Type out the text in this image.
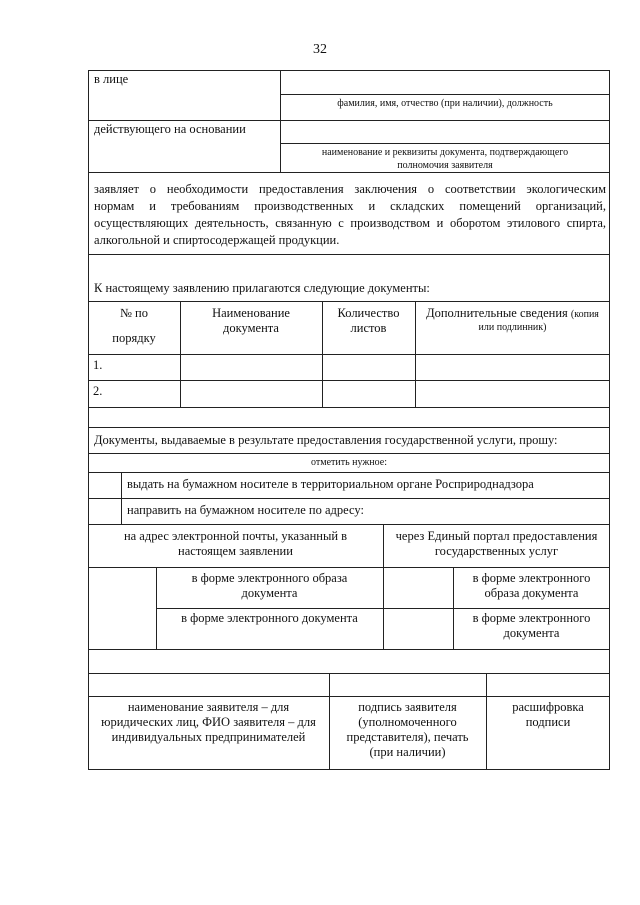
32
в лице
фамилия, имя, отчество (при наличии), должность
действующего на основании
наименование и реквизиты документа, подтверждающего
полномочия заявителя
заявляет о необходимости предоставления заключения о соответствии экологическим
нормам и требованиям производственных и складских помещений организаций,
осуществляющих деятельность, связанную с производством и оборотом этилового спирта,
алкогольной и спиртосодержащей продукции.
К настоящему заявлению прилагаются следующие документы:
№ по
порядку
Наименование
документа
Количество
листов
Дополнительные сведения (копия
или подлинник)
1.
2.
Документы, выдаваемые в результате предоставления государственной услуги, прошу:
отметить нужное:
выдать на бумажном носителе в территориальном органе Росприроднадзора
направить на бумажном носителе по адресу:
на адрес электронной почты, указанный в
настоящем заявлении
через Единый портал предоставления
государственных услуг
в форме электронного образа
документа
в форме электронного
образа документа
в форме электронного документа	в форме электронного
документа
наименование заявителя – для
юридических лиц, ФИО заявителя – для
индивидуальных предпринимателей
подпись заявителя
(уполномоченного
представителя), печать
(при наличии)
расшифровка
подписи
